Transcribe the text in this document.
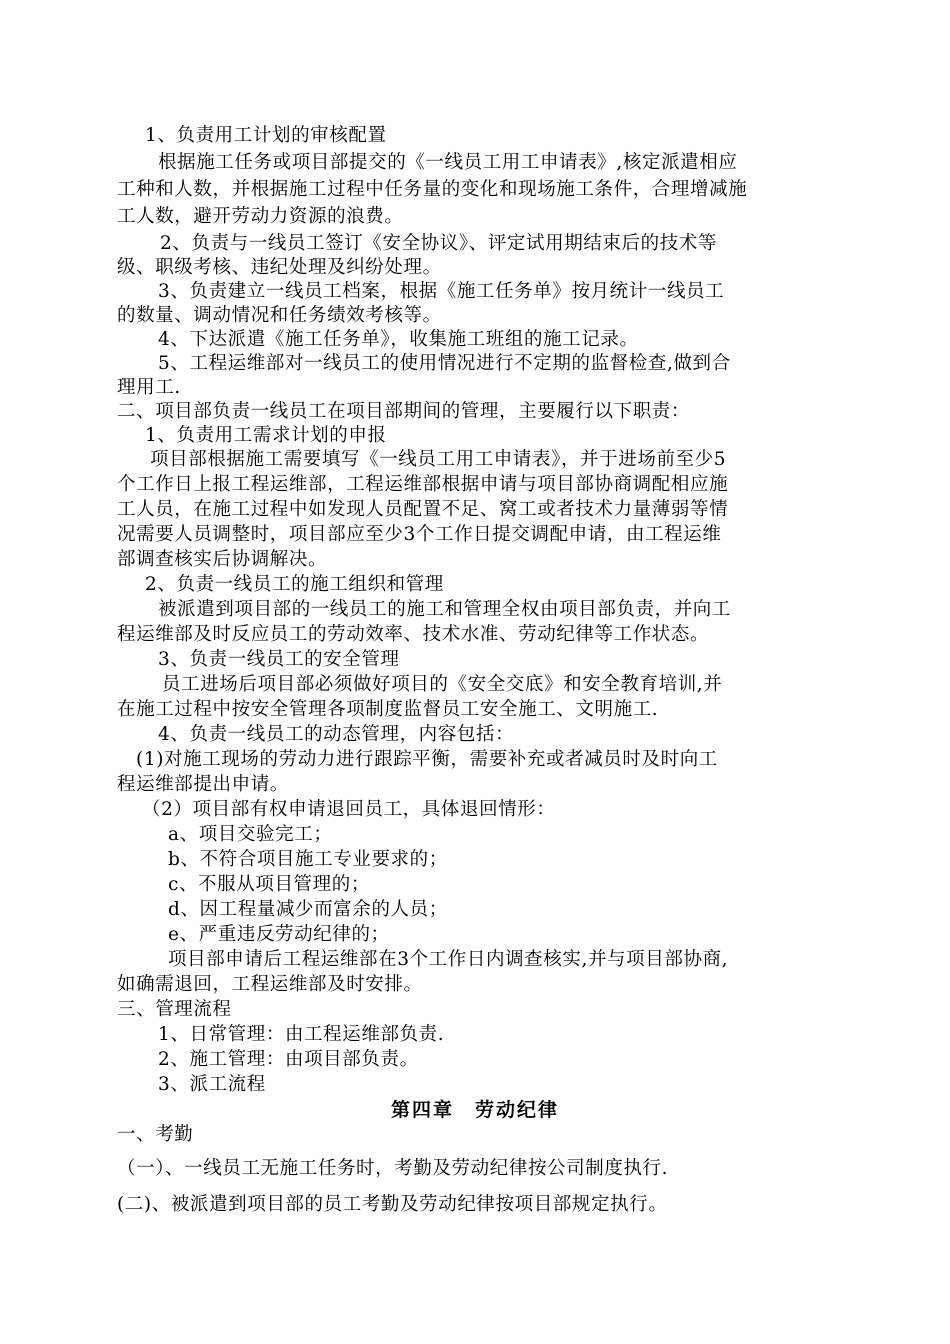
1、负责用工计划的审核配置
根据施工任务或项目部提交的《一线员工用工申请表》,核定派遣相应
工种和人数，并根据施工过程中任务量的变化和现场施工条件，合理增减施
工人数，避开劳动力资源的浪费。
2、负责与一线员工签订《安全协议》、评定试用期结束后的技术等
级、职级考核、违纪处理及纠纷处理。
3、负责建立一线员工档案，根据《施工任务单》按月统计一线员工
的数量、调动情况和任务绩效考核等。
4、下达派遣《施工任务单》，收集施工班组的施工记录。
5、工程运维部对一线员工的使用情况进行不定期的监督检查,做到合
理用工.
二、项目部负责一线员工在项目部期间的管理，主要履行以下职责：
1、负责用工需求计划的申报
项目部根据施工需要填写《一线员工用工申请表》，并于进场前至少5
个工作日上报工程运维部，工程运维部根据申请与项目部协商调配相应施
工人员，在施工过程中如发现人员配置不足、窝工或者技术力量薄弱等情
况需要人员调整时，项目部应至少3个工作日提交调配申请，由工程运维
部调查核实后协调解决。
2、负责一线员工的施工组织和管理
被派遣到项目部的一线员工的施工和管理全权由项目部负责，并向工
程运维部及时反应员工的劳动效率、技术水准、劳动纪律等工作状态。
3、负责一线员工的安全管理
员工进场后项目部必须做好项目的《安全交底》和安全教育培训,并
在施工过程中按安全管理各项制度监督员工安全施工、文明施工.
4、负责一线员工的动态管理，内容包括：
(1)对施工现场的劳动力进行跟踪平衡，需要补充或者减员时及时向工
程运维部提出申请。
（2）项目部有权申请退回员工，具体退回情形：
a、项目交验完工；
b、不符合项目施工专业要求的；
c、不服从项目管理的；
d、因工程量减少而富余的人员；
e、严重违反劳动纪律的；
项目部申请后工程运维部在3个工作日内调查核实,并与项目部协商,
如确需退回，工程运维部及时安排。
三、管理流程
1、日常管理：由工程运维部负责.
2、施工管理：由项目部负责。
3、派工流程
第四章　劳动纪律
一、考勤
（一）、一线员工无施工任务时，考勤及劳动纪律按公司制度执行.
(二)、被派遣到项目部的员工考勤及劳动纪律按项目部规定执行。
